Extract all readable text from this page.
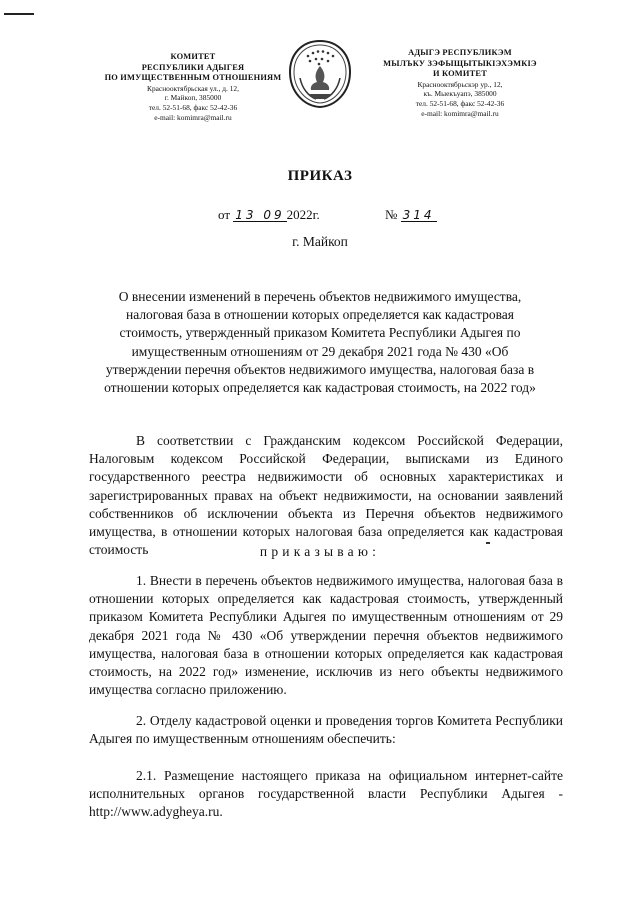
КОМИТЕТ
РЕСПУБЛИКИ АДЫГЕЯ
ПО ИМУЩЕСТВЕННЫМ ОТНОШЕНИЯМ
Краснооктябрьская ул., д. 12,
г. Майкоп, 385000
тел. 52-51-68, факс 52-42-36
e-mail: komimra@mail.ru
АДЫГЭ РЕСПУБЛИКЭМ
МЫЛЪКУ ЗЭФЫЩЫТЫКІЭХЭМКІЭ
И КОМИТЕТ
Краснооктябрьскэр ур., 12,
къ. Мыекъуапэ, 385000
тел. 52-51-68, факс 52-42-36
e-mail: komimra@mail.ru
ПРИКАЗ
от 13 09 2022г.	№ 314
г. Майкоп
О внесении изменений в перечень объектов недвижимого имущества, налоговая база в отношении которых определяется как кадастровая стоимость, утвержденный приказом Комитета Республики Адыгея по имущественным отношениям от 29 декабря 2021 года № 430 «Об утверждении перечня объектов недвижимого имущества, налоговая база в отношении которых определяется как кадастровая стоимость, на 2022 год»
В соответствии с Гражданским кодексом Российской Федерации, Налоговым кодексом Российской Федерации, выписками из Единого государственного реестра недвижимости об основных характеристиках и зарегистрированных правах на объект недвижимости, на основании заявлений собственников об исключении объекта из Перечня объектов недвижимого имущества, в отношении которых налоговая база определяется как кадастровая стоимость	приказываю:
1. Внести в перечень объектов недвижимого имущества, налоговая база в отношении которых определяется как кадастровая стоимость, утвержденный приказом Комитета Республики Адыгея по имущественным отношениям от 29 декабря 2021 года № 430 «Об утверждении перечня объектов недвижимого имущества, налоговая база в отношении которых определяется как кадастровая стоимость, на 2022 год» изменение, исключив из него объекты недвижимого имущества согласно приложению.
2. Отделу кадастровой оценки и проведения торгов Комитета Республики Адыгея по имущественным отношениям обеспечить:
2.1. Размещение настоящего приказа на официальном интернет-сайте исполнительных органов государственной власти Республики Адыгея - http://www.adygheya.ru.
